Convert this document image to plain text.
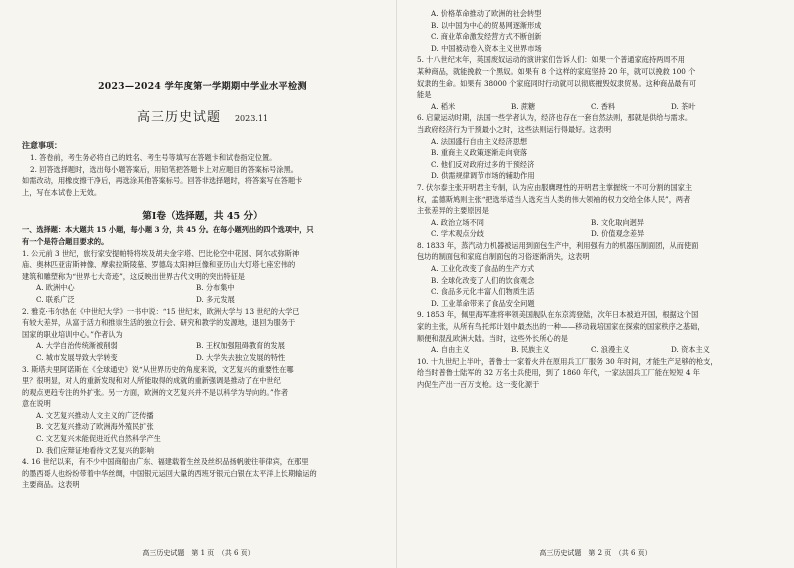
2023—2024 学年度第一学期期中学业水平检测
高三历史试题 2023.11
注意事项：
1. 答卷前，考生务必将自己的姓名、考生号等填写在答题卡和试卷指定位置。
2. 回答选择题时，选出每小题答案后，用铅笔把答题卡上对应题目的答案标号涂黑。
如需改动，用橡皮擦干净后，再选涂其他答案标号。回答非选择题时，将答案写在答题卡
上，写在本试卷上无效。
第Ⅰ卷（选择题，共 45 分）
一、选择题：本大题共 15 小题，每小题 3 分，共 45 分。在每小题列出的四个选项中，只
有一个是符合题目要求的。
1. 公元前 3 世纪，旅行家安提帕特将埃及胡夫金字塔、巴比伦空中花园、阿尔忒弥斯神
庙、奥林匹亚宙斯神像、摩索拉斯陵墓、罗德岛太阳神巨像和亚历山大灯塔七座宏伟的
建筑和雕塑称为“世界七大奇迹”，这反映出世界古代文明的突出特征是
A. 欧洲中心	B. 分布集中
C. 联系广泛	D. 多元发展
2. 雅克·韦尔热在《中世纪大学》一书中说：“15 世纪末，欧洲大学与 13 世纪的大学已
有较大差异，从富于活力和推崇生活的独立行会、研究和教学的发源地，退回为服务于
国家的职业培训中心。”作者认为
A. 大学自治传统渐被削弱	B. 王权加强阻碍教育的发展
C. 城市发展导致大学转变	D. 大学失去独立发展的特性
3. 斯塔夫里阿诺斯在《全球通史》说“从世界历史的角度来说，文艺复兴的重要性在哪
里？很明显，对人的重新发现和对人所能取得的成就的重新强调是推动了在中世纪
的观点更趋专注的外扩张。另一方面，欧洲的文艺复兴并不是以科学为导向的。”作者
意在说明
A. 文艺复兴推动人文主义的广泛传播
B. 文艺复兴推动了欧洲海外殖民扩张
C. 文艺复兴未能促进近代自然科学产生
D. 我们应辩证地看待文艺复兴的影响
4. 16 世纪以来，有不少中国商船由广东、福建载着生丝及丝织品扬帆驶往菲律宾，在那里
的墨西哥人也纷纷带着中华丝绸，中国银元运回大量的西班牙银元白银在太平洋上长期输运的
主要商品。这表明
高三历史试题　第 1 页　（共 6 页）
A. 价格革命推动了欧洲的社会转型
B. 以中国为中心的贸易网逐渐形成
C. 商业革命激发经营方式不断创新
D. 中国被动卷入资本主义世界市场
5. 十八世纪末年，英国废奴运动的演讲家们告诉人们：如果一个普通家庭持两周不用
某种商品，就能挽救一个黑奴。如果有 8 个这样的家庭坚持 20 年，就可以挽救 100 个
奴隶的生命。如果有 38000 个家庭同时行动就可以彻底摧毁奴隶贸易。这种商品最有可
能是
A. 稻米	B. 蔗糖	C. 香料	D. 茶叶
6. 启蒙运动时期，法国一些学者认为，经济也存在一套自然法则，那就是供给与需求。
当政府经济行为干预最小之时，这些法则运行得最好。这表明
A. 法国盛行自由主义经济思想
B. 重商主义政策逐渐走向衰落
C. 他们反对政府过多的干预经济
D. 供需规律调节市场的辅助作用
7. 伏尔泰主张开明君主专制，认为应由服膺理性的开明君主掌握统一不可分割的国家主
权，孟德斯鸠则主张“把选举适当人选充当人类的伟大领袖的权力交给全体人民”，两者
主张差异的主要原因是
A. 政治立场不同	B. 文化取向迥异
C. 学术观点分歧	D. 价值观念差异
8. 1833 年，蒸汽动力机器被运用到面包生产中，利用强有力的机器压制面团，从而使面
包坊的制面包和家庭自制面包的习俗逐渐消失，这表明
A. 工业化改变了食品的生产方式
B. 全球化改变了人们的饮食观念
C. 食品多元化丰富人们物质生活
D. 工业革命带来了食品安全问题
9. 1853 年，佩里海军准将率领美国舰队在东京湾登陆，次年日本被迫开国，根据这个国
家的主张，从所有鸟托邦计划中最杰出的一种——移动栽培国家在探索的国家秩序之基础，
顺便和混乱欧洲大陆。当时，这些外长所心的是
A. 自由主义	B. 民族主义	C. 浪漫主义	D. 资本主义
10. 十九世纪上半叶，普鲁士一家着火并在原用兵工厂服务 30 年时间，才能生产足够的枪支，
给当时普鲁士陆军的 32 万名士兵使用，到了 1860 年代，一家法国兵工厂能在短短 4 年
内促生产出一百万支枪。这一变化源于
高三历史试题　第 2 页　（共 6 页）
